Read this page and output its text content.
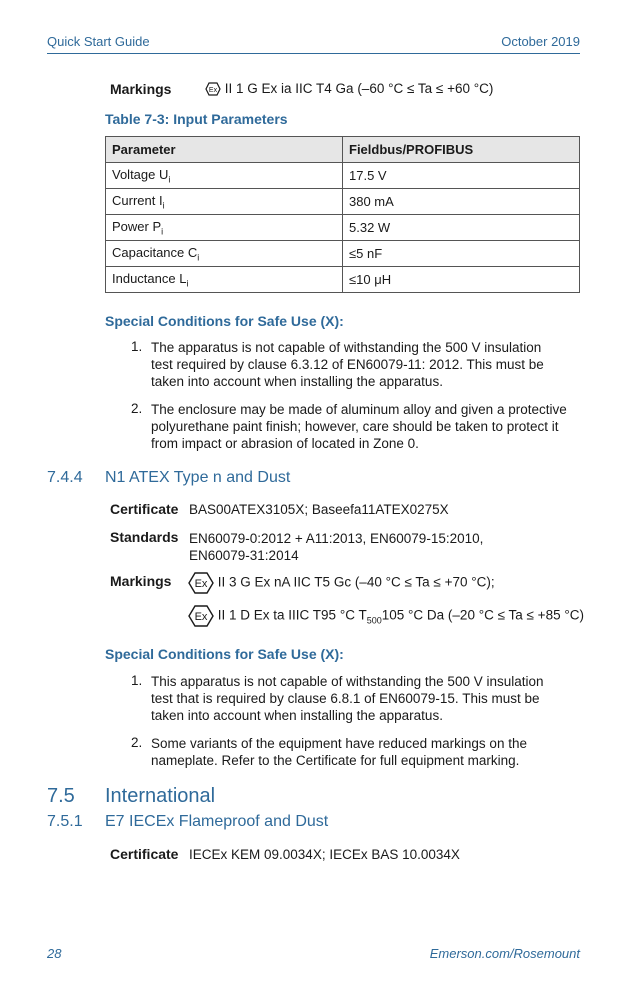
Quick Start Guide	October 2019
Markings	Ex II 1 G Ex ia IIC T4 Ga (–60 °C ≤ Ta ≤ +60 °C)
Table 7-3: Input Parameters
Parameter	Fieldbus/PROFIBUS
Voltage $U_i$	17.5 V
Current $I_i$	380 mA
Power $P_i$	5.32 W
Capacitance $C_i$	≤5 nF
Inductance $L_i$	≤10 μH
Special Conditions for Safe Use (X):
1. The apparatus is not capable of withstanding the 500 V insulation
test required by clause 6.3.12 of EN60079-11: 2012. This must be
taken into account when installing the apparatus.
2. The enclosure may be made of aluminum alloy and given a protective
polyurethane paint finish; however, care should be taken to protect it
from impact or abrasion of located in Zone 0.
7.4.4 N1 ATEX Type n and Dust
Certificate BAS00ATEX3105X; Baseefa11ATEX0275X
Standards EN60079-0:2012 + A11:2013, EN60079-15:2010,
EN60079-31:2014
Markings Ex II 3 G Ex nA IIC T5 Gc (–40 °C ≤ Ta ≤ +70 °C);
Ex II 1 D Ex ta IIIC T95 °C $T_{500}105$ °C Da (–20 °C ≤ Ta ≤ +85 °C)
Special Conditions for Safe Use (X):
1. This apparatus is not capable of withstanding the 500 V insulation
test that is required by clause 6.8.1 of EN60079-15. This must be
taken into account when installing the apparatus.
2. Some variants of the equipment have reduced markings on the
nameplate. Refer to the Certificate for full equipment marking.
7.5 International
7.5.1 E7 IECEx Flameproof and Dust
Certificate IECEx KEM 09.0034X; IECEx BAS 10.0034X
28	Emerson.com/Rosemount
